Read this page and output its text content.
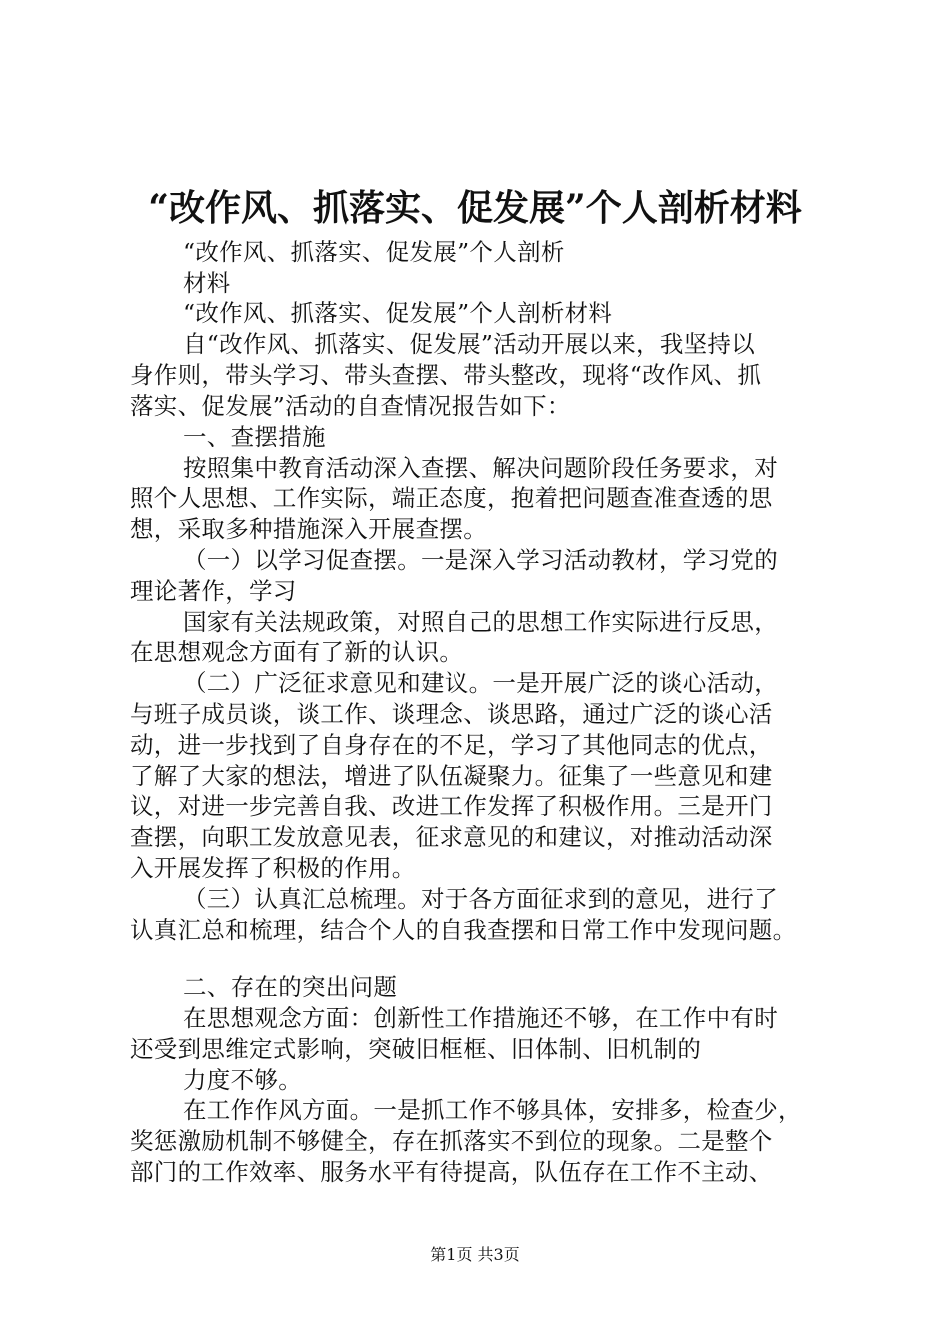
“改作风、抓落实、促发展”个人剖析材料
“改作风、抓落实、促发展”个人剖析
材料
“改作风、抓落实、促发展”个人剖析材料
自“改作风、抓落实、促发展”活动开展以来，我坚持以
身作则，带头学习、带头查摆、带头整改，现将“改作风、抓
落实、促发展”活动的自查情况报告如下：
一、查摆措施
按照集中教育活动深入查摆、解决问题阶段任务要求，对
照个人思想、工作实际，端正态度，抱着把问题查准查透的思
想，采取多种措施深入开展查摆。
（一）以学习促查摆。一是深入学习活动教材，学习党的
理论著作，学习
国家有关法规政策，对照自己的思想工作实际进行反思，
在思想观念方面有了新的认识。
（二）广泛征求意见和建议。一是开展广泛的谈心活动，
与班子成员谈，谈工作、谈理念、谈思路，通过广泛的谈心活
动，进一步找到了自身存在的不足，学习了其他同志的优点，
了解了大家的想法，增进了队伍凝聚力。征集了一些意见和建
议，对进一步完善自我、改进工作发挥了积极作用。三是开门
查摆，向职工发放意见表，征求意见的和建议，对推动活动深
入开展发挥了积极的作用。
（三）认真汇总梳理。对于各方面征求到的意见，进行了
认真汇总和梳理，结合个人的自我查摆和日常工作中发现问题。
二、存在的突出问题
在思想观念方面：创新性工作措施还不够，在工作中有时
还受到思维定式影响，突破旧框框、旧体制、旧机制的
力度不够。
在工作作风方面。一是抓工作不够具体，安排多，检查少，
奖惩激励机制不够健全，存在抓落实不到位的现象。二是整个
部门的工作效率、服务水平有待提高，队伍存在工作不主动、
第1页 共3页
